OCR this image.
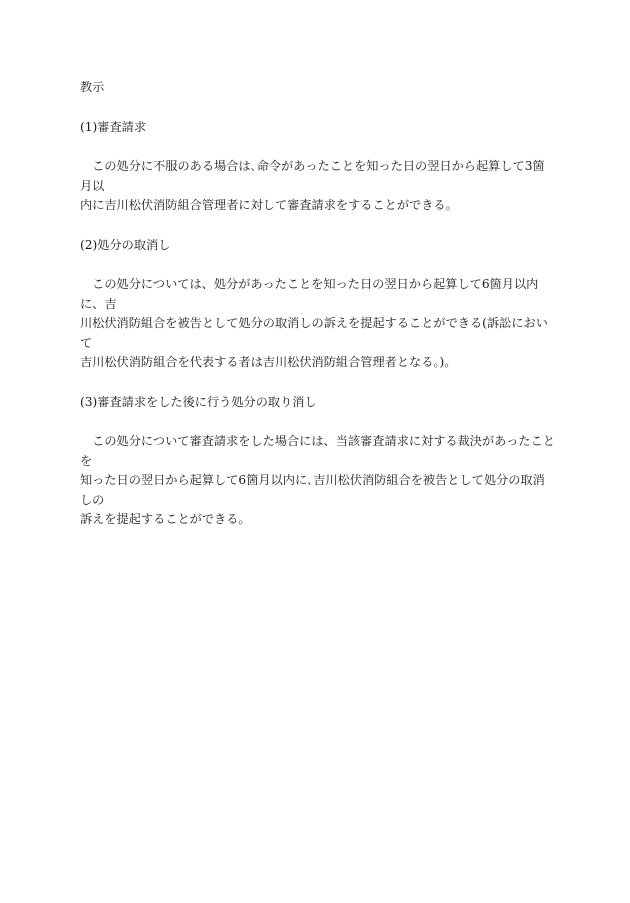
教示
(1)審査請求

　この処分に不服のある場合は､命令があったことを知った日の翌日から起算して3箇月以
内に吉川松伏消防組合管理者に対して審査請求をすることができる。

(2)処分の取消し

　この処分については、処分があったことを知った日の翌日から起算して6箇月以内に、吉
川松伏消防組合を被告として処分の取消しの訴えを提起することができる(訴訟において
吉川松伏消防組合を代表する者は吉川松伏消防組合管理者となる。)。

(3)審査請求をした後に行う処分の取り消し

　この処分について審査請求をした場合には、当該審査請求に対する裁決があったことを
知った日の翌日から起算して6箇月以内に､吉川松伏消防組合を被告として処分の取消しの
訴えを提起することができる。
